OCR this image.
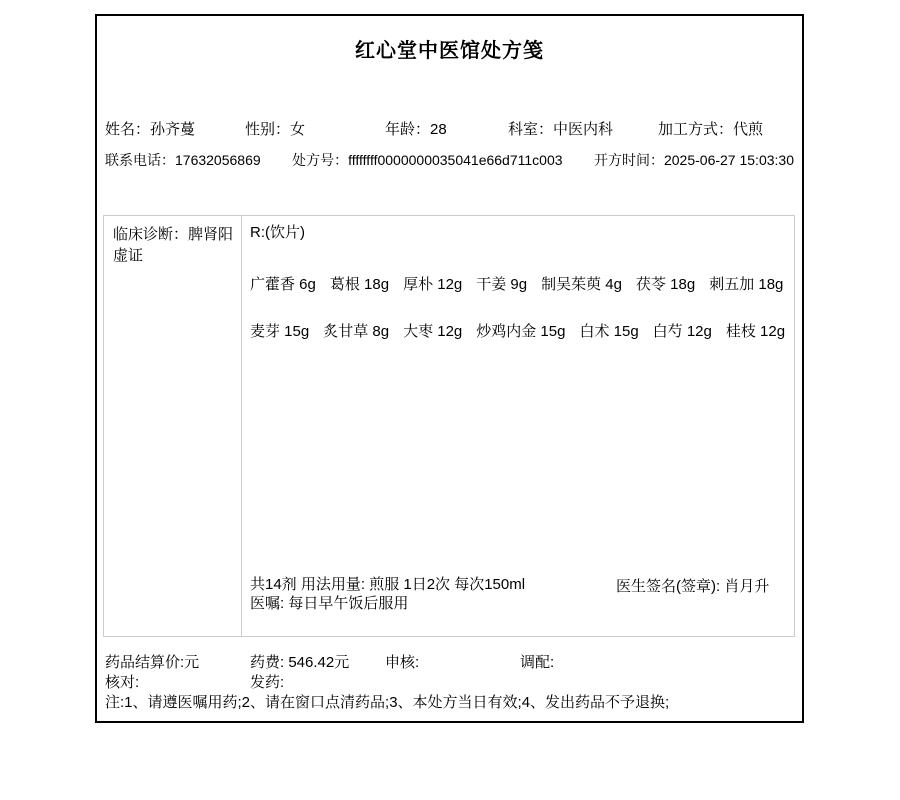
红心堂中医馆处方笺
姓名：孙齐蔓	性别：女	年龄：28	科室：中医内科	加工方式：代煎
联系电话：17632056869 处方号：ffffffff0000000035041e66d711c003 开方时间：2025-06-27 15:03:30
临床诊断：脾肾阳虚证
R:(饮片)
广藿香 6g 葛根 18g 厚朴 12g 干姜 9g 制吴茱萸 4g 茯苓 18g 刺五加 18g
麦芽 15g 炙甘草 8g 大枣 12g 炒鸡内金 15g 白术 15g 白芍 12g 桂枝 12g
共14剂 用法用量: 煎服 1日2次 每次150ml
医嘱: 每日早午饭后服用
医生签名(签章): 肖月升
药品结算价:元	药费: 546.42元 申核:	调配:
核对:	发药:
注:1、请遵医嘱用药;2、请在窗口点清药品;3、本处方当日有效;4、发出药品不予退换;
